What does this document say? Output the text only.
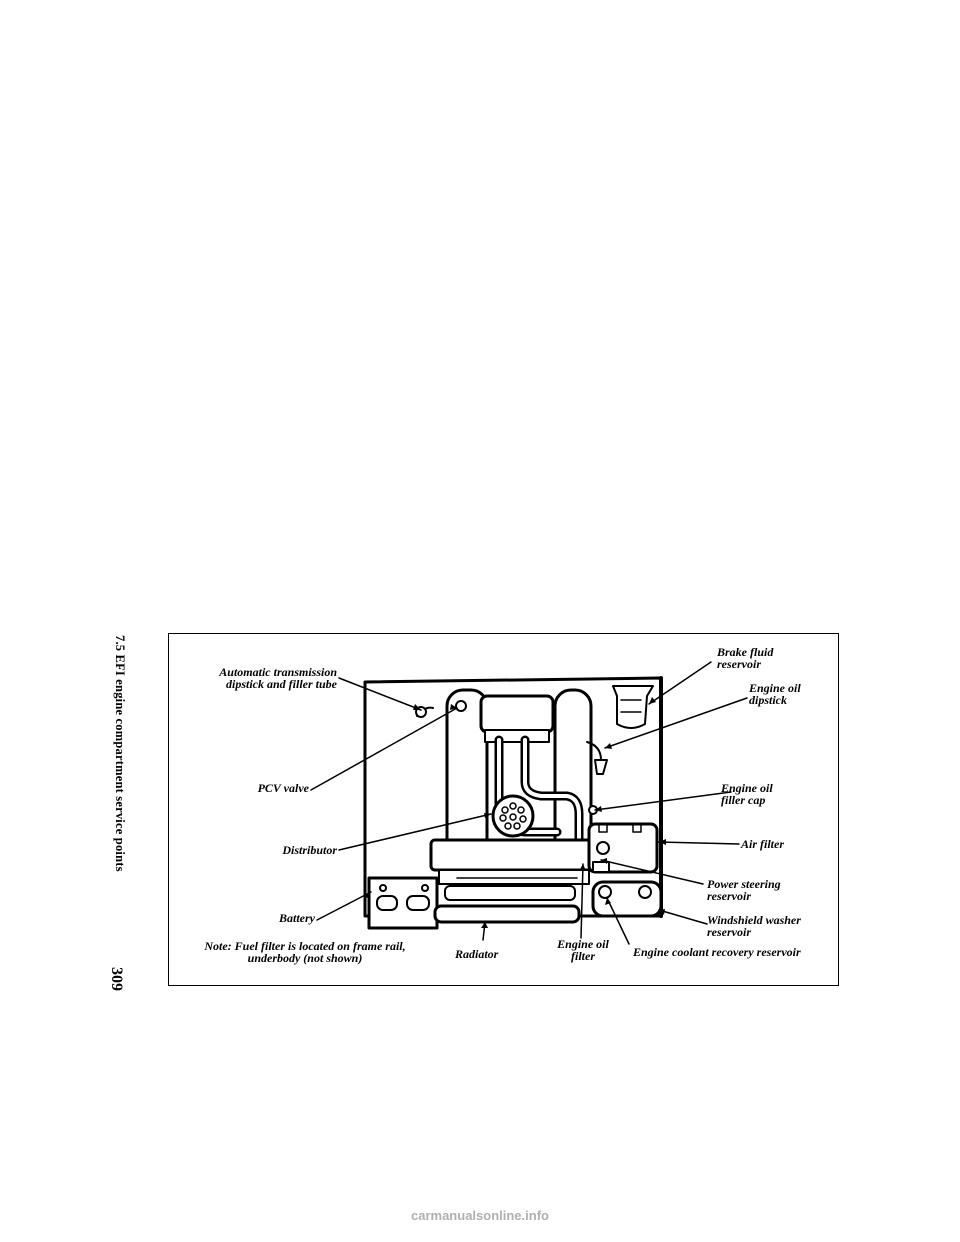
7.5 EFI engine compartment service points
309
Automatic transmission
dipstick and filler tube
PCV valve
Distributor
Battery
Note: Fuel filter is located on frame rail,
underbody (not shown)	Radiator
Engine oil
filter	Engine coolant recovery reservoir
Windshield washer
reservoir
Power steering
reservoir
Air filter
Engine oil
filler cap
Engine oil
dipstick
Brake fluid
reservoir
carmanualsonline.info
